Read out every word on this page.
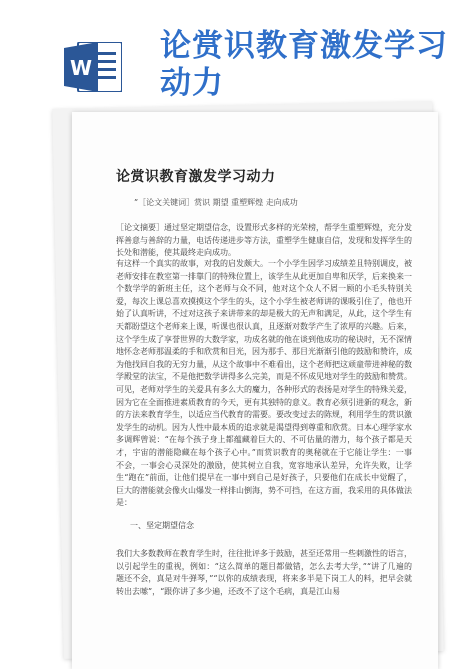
W
论赏识教育激发学习动力
论赏识教育激发学习动力
”［论文关键词］赏识 期望 重塑辉煌 走向成功

［论文摘要］通过坚定期望信念，设置形式多样的光荣榜，帮学生重塑辉煌，充分发挥善意与善辞的力量，电话传递进步等方法，重塑学生健康自信，发现和发挥学生的长处和潜能，使其最终走向成功。

有这样一个真实的故事，对我的启发颇大。一个小学生因学习成绩差且特别调皮，被老师安排在教室第一排靠门的特殊位置上，该学生从此更加自卑和厌学，后来换来一个数学学的新班主任，这个老师与众不同，他对这个众人不屑一顾的小毛头特别关爱，每次上课总喜欢摸摸这个学生的头，这个小学生被老师讲的课吸引住了，他也开始了认真听讲，不过对这孩子来讲带来的却是极大的无声和满足，从此，这个学生有天都盼望这个老师来上课，听课也很认真，且逐渐对数学产生了浓厚的兴趣。后来，这个学生成了享誉世界的大数学家，功成名就的他在谈到他成功的秘诀时，无不深情地怀念老师那温柔的手和欣赏和目光，因为那手、那目光渐渐引他的鼓励和赞许，成为他找回自我的无穷力量，从这个故事中不难看出，这个老师把这顽童带进神秘的数学殿堂的法宝，不是他把数学讲得多么完美，而是不怀成见地对学生的鼓励和赞赏。可见，老师对学生的关爱具有多么大的魔力，各种形式的表扬是对学生的特殊关爱，因为它在全面推进素质教育的今天，更有其独特的意义。教育必须引进新的观念，新的方法来教育学生，以适应当代教育的需要。要改变过去的陈规，利用学生的赏识激发学生的动机。因为人性中最本质的追求就是渴望得到尊重和欣赏。日本心理学家水多调辉曾说：“在每个孩子身上都蕴藏着巨大的、不可估量的潜力，每个孩子都是天才，宇宙的潜能隐藏在每个孩子心中。”而赏识教育的奥秘就在于它能让学生：一事不会，一事会心灵深处的激励，使其树立自我，宽容地承认差异，允许失败，让学生“跑在”前面，让他们提早在一事中到自己是好孩子，只要他们在成长中觉醒了，巨大的潜能就会像火山爆发一样排山倒海，势不可挡，在这方面，我采用的具体做法是：

一、坚定期望信念

我们大多数教师在教育学生时，往往批评多于鼓励，甚至还常用一些刺激性的语言，以引起学生的重视，例如：“这么简单的题目都做错，怎么去考大学，”“讲了几遍的题还不会，真是对牛弹琴，”“以你的成绩表现，将来多半是下岗工人的料，把早会就转出去嗦”，“跟你讲了多少遍，还改不了这个毛病，真是江山易

​
